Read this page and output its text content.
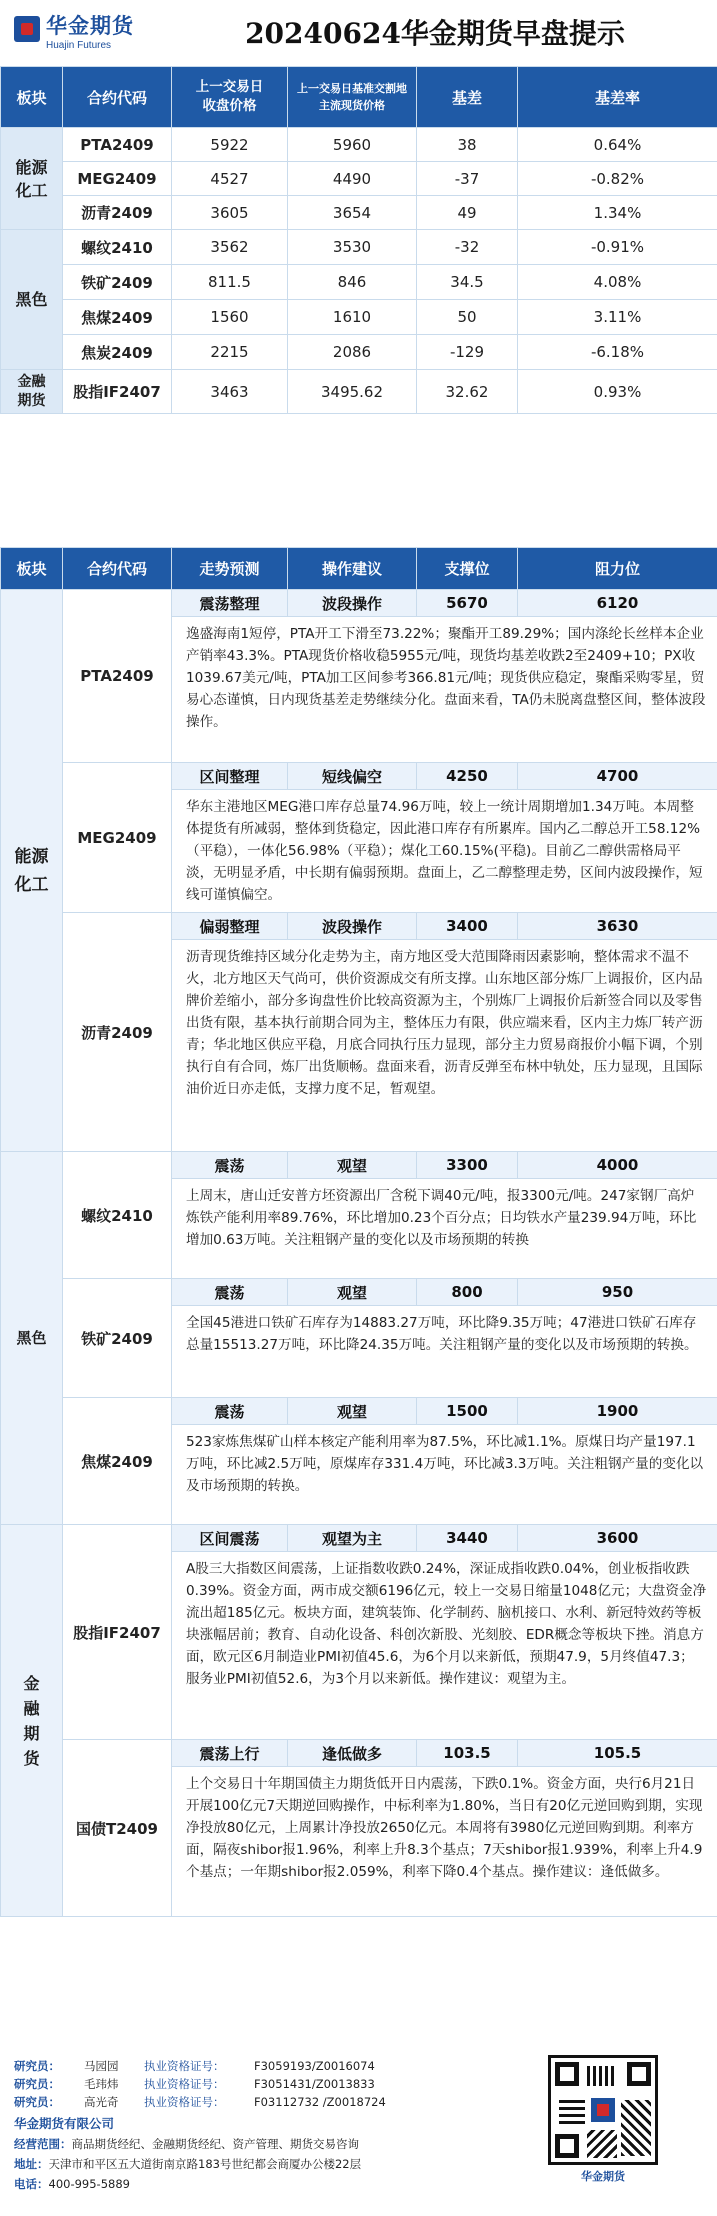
华金期货
Huajin Futures	20240624华金期货早盘提示
板块	合约代码	上一交易日收盘价格	上一交易日基准交割地主流现货价格	基差	基差率
能源化工	PTA2409	5922	5960	38	0.64%
	MEG2409	4527	4490	-37	-0.82%
	沥青2409	3605	3654	49	1.34%
黑色	螺纹2410	3562	3530	-32	-0.91%
	铁矿2409	811.5	846	34.5	4.08%
	焦煤2409	1560	1610	50	3.11%
	焦炭2409	2215	2086	-129	-6.18%
金融期货	股指IF2407	3463	3495.62	32.62	0.93%
板块	合约代码	走势预测	操作建议	支撑位	阻力位
能源化工	PTA2409	震荡整理	波段操作	5670	6120
		逸盛海南1短停，PTA开工下滑至73.22%；聚酯开工89.29%；国内涤纶长丝样本企业产销率43.3%。PTA现货价格收稳5955元/吨，现货均基差收跌2至2409+10；PX收1039.67美元/吨，PTA加工区间参考366.81元/吨；现货供应稳定，聚酯采购零星，贸易心态谨慎，日内现货基差走势继续分化。盘面来看，TA仍未脱离盘整区间，整体波段操作。			
	MEG2409	区间整理	短线偏空	4250	4700
		华东主港地区MEG港口库存总量74.96万吨，较上一统计周期增加1.34万吨。本周整体提货有所减弱，整体到货稳定，因此港口库存有所累库。国内乙二醇总开工58.12%（平稳），一体化56.98%（平稳）；煤化工60.15%(平稳)。目前乙二醇供需格局平淡，无明显矛盾，中长期有偏弱预期。盘面上，乙二醇整理走势，区间内波段操作，短线可谨慎偏空。			
	沥青2409	偏弱整理	波段操作	3400	3630
		沥青现货维持区域分化走势为主，南方地区受大范围降雨因素影响，整体需求不温不火，北方地区天气尚可，供价资源成交有所支撑。山东地区部分炼厂上调报价，区内品牌价差缩小，部分多询盘性价比较高资源为主，个别炼厂上调报价后新签合同以及零售出货有限，基本执行前期合同为主，整体压力有限，供应端来看，区内主力炼厂转产沥青；华北地区供应平稳，月底合同执行压力显现，部分主力贸易商报价小幅下调，个别执行自有合同，炼厂出货顺畅。盘面来看，沥青反弹至布林中轨处，压力显现，且国际油价近日亦走低，支撑力度不足，暂观望。			
黑色	螺纹2410	震荡	观望	3300	4000
		上周末，唐山迁安普方坯资源出厂含税下调40元/吨，报3300元/吨。247家钢厂高炉炼铁产能利用率89.76%，环比增加0.23个百分点；日均铁水产量239.94万吨，环比增加0.63万吨。关注粗钢产量的变化以及市场预期的转换			
	铁矿2409	震荡	观望	800	950
		全国45港进口铁矿石库存为14883.27万吨，环比降9.35万吨；47港进口铁矿石库存总量15513.27万吨，环比降24.35万吨。关注粗钢产量的变化以及市场预期的转换。			
	焦煤2409	震荡	观望	1500	1900
		523家炼焦煤矿山样本核定产能利用率为87.5%，环比减1.1%。原煤日均产量197.1万吨，环比减2.5万吨，原煤库存331.4万吨，环比减3.3万吨。关注粗钢产量的变化以及市场预期的转换。			
金融期货	股指IF2407	区间震荡	观望为主	3440	3600
		A股三大指数区间震荡，上证指数收跌0.24%，深证成指收跌0.04%，创业板指收跌0.39%。资金方面，两市成交额6196亿元，较上一交易日缩量1048亿元；大盘资金净流出超185亿元。板块方面，建筑装饰、化学制药、脑机接口、水利、新冠特效药等板块涨幅居前；教育、自动化设备、科创次新股、光刻胶、EDR概念等板块下挫。消息方面，欧元区6月制造业PMI初值45.6，为6个月以来新低，预期47.9，5月终值47.3；服务业PMI初值52.6，为3个月以来新低。操作建议：观望为主。			
	国债T2409	震荡上行	逢低做多	103.5	105.5
		上个交易日十年期国债主力期货低开日内震荡，下跌0.1%。资金方面，央行6月21日开展100亿元7天期逆回购操作，中标利率为1.80%，当日有20亿元逆回购到期，实现净投放80亿元，上周累计净投放2650亿元。本周将有3980亿元逆回购到期。利率方面，隔夜shibor报1.96%，利率上升8.3个基点；7天shibor报1.939%，利率上升4.9个基点；一年期shibor报2.059%，利率下降0.4个基点。操作建议：逢低做多。			
研究员： 马园园 执业资格证号：	F3059193/Z0016074
研究员： 毛玮炜 执业资格证号：	F3051431/Z0013833
研究员： 高光奇 执业资格证号：	F03112732 /Z0018724
华金期货有限公司
经营范围：商品期货经纪、金融期货经纪、资产管理、期货交易咨询
地址：天津市和平区五大道街南京路183号世纪都会商厦办公楼22层
电话：400-995-5889
华金期货
